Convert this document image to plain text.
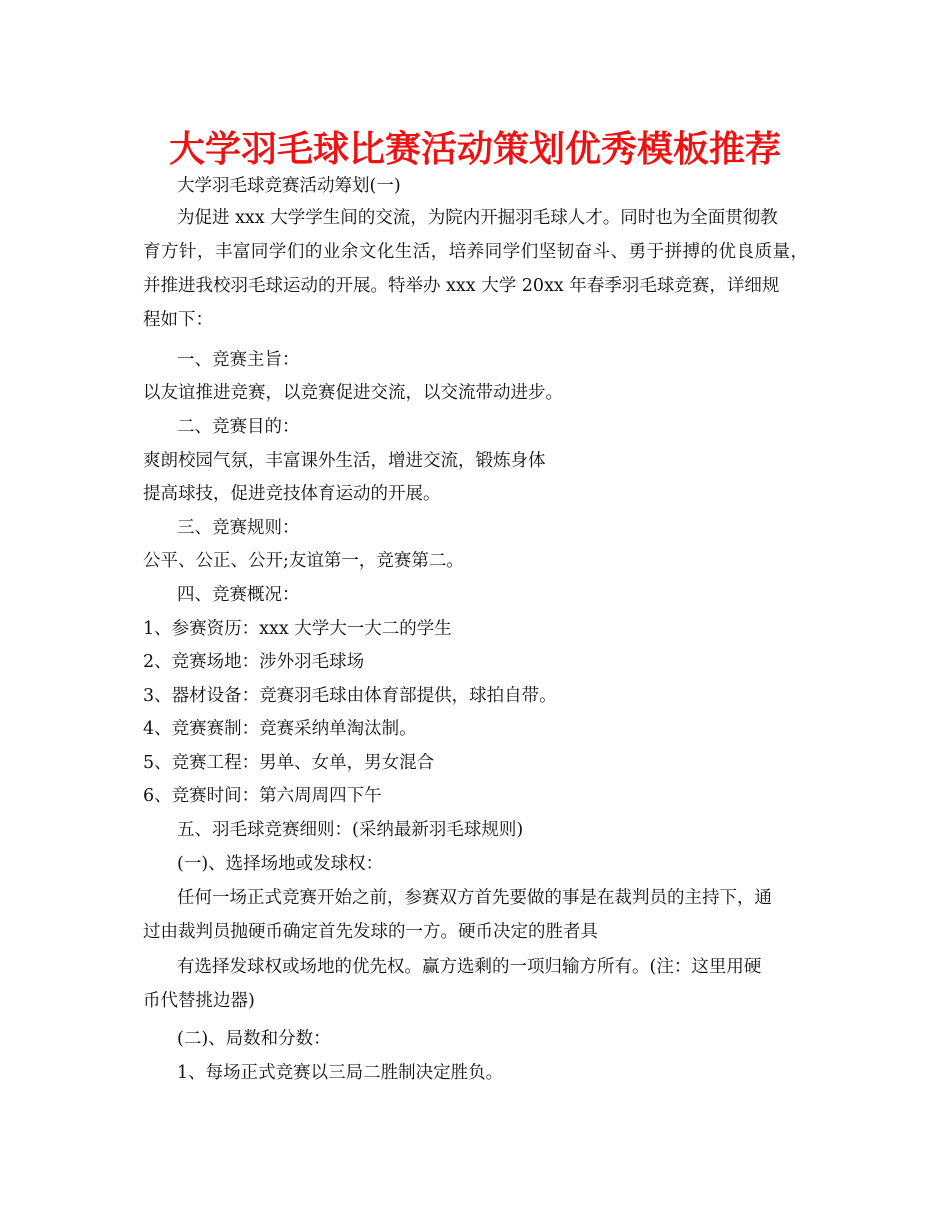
大学羽毛球比赛活动策划优秀模板推荐
大学羽毛球竞赛活动筹划(一)
为促进 xxx 大学学生间的交流，为院内开掘羽毛球人才。同时也为全面贯彻教
育方针，丰富同学们的业余文化生活，培养同学们坚韧奋斗、勇于拼搏的优良质量，
并推进我校羽毛球运动的开展。特举办 xxx 大学 20xx 年春季羽毛球竞赛，详细规
程如下：
一、竞赛主旨：
以友谊推进竞赛，以竞赛促进交流，以交流带动进步。
二、竞赛目的：
爽朗校园气氛，丰富课外生活，增进交流，锻炼身体
提高球技，促进竞技体育运动的开展。
三、竞赛规则：
公平、公正、公开;友谊第一，竞赛第二。
四、竞赛概况：
1、参赛资历：xxx 大学大一大二的学生
2、竞赛场地：涉外羽毛球场
3、器材设备：竞赛羽毛球由体育部提供，球拍自带。
4、竞赛赛制：竞赛采纳单淘汰制。
5、竞赛工程：男单、女单，男女混合
6、竞赛时间：第六周周四下午
五、羽毛球竞赛细则：(采纳最新羽毛球规则)
(一)、选择场地或发球权：
任何一场正式竞赛开始之前，参赛双方首先要做的事是在裁判员的主持下，通
过由裁判员抛硬币确定首先发球的一方。硬币决定的胜者具
有选择发球权或场地的优先权。赢方选剩的一项归输方所有。(注：这里用硬
币代替挑边器)
(二)、局数和分数：
1、每场正式竞赛以三局二胜制决定胜负。
